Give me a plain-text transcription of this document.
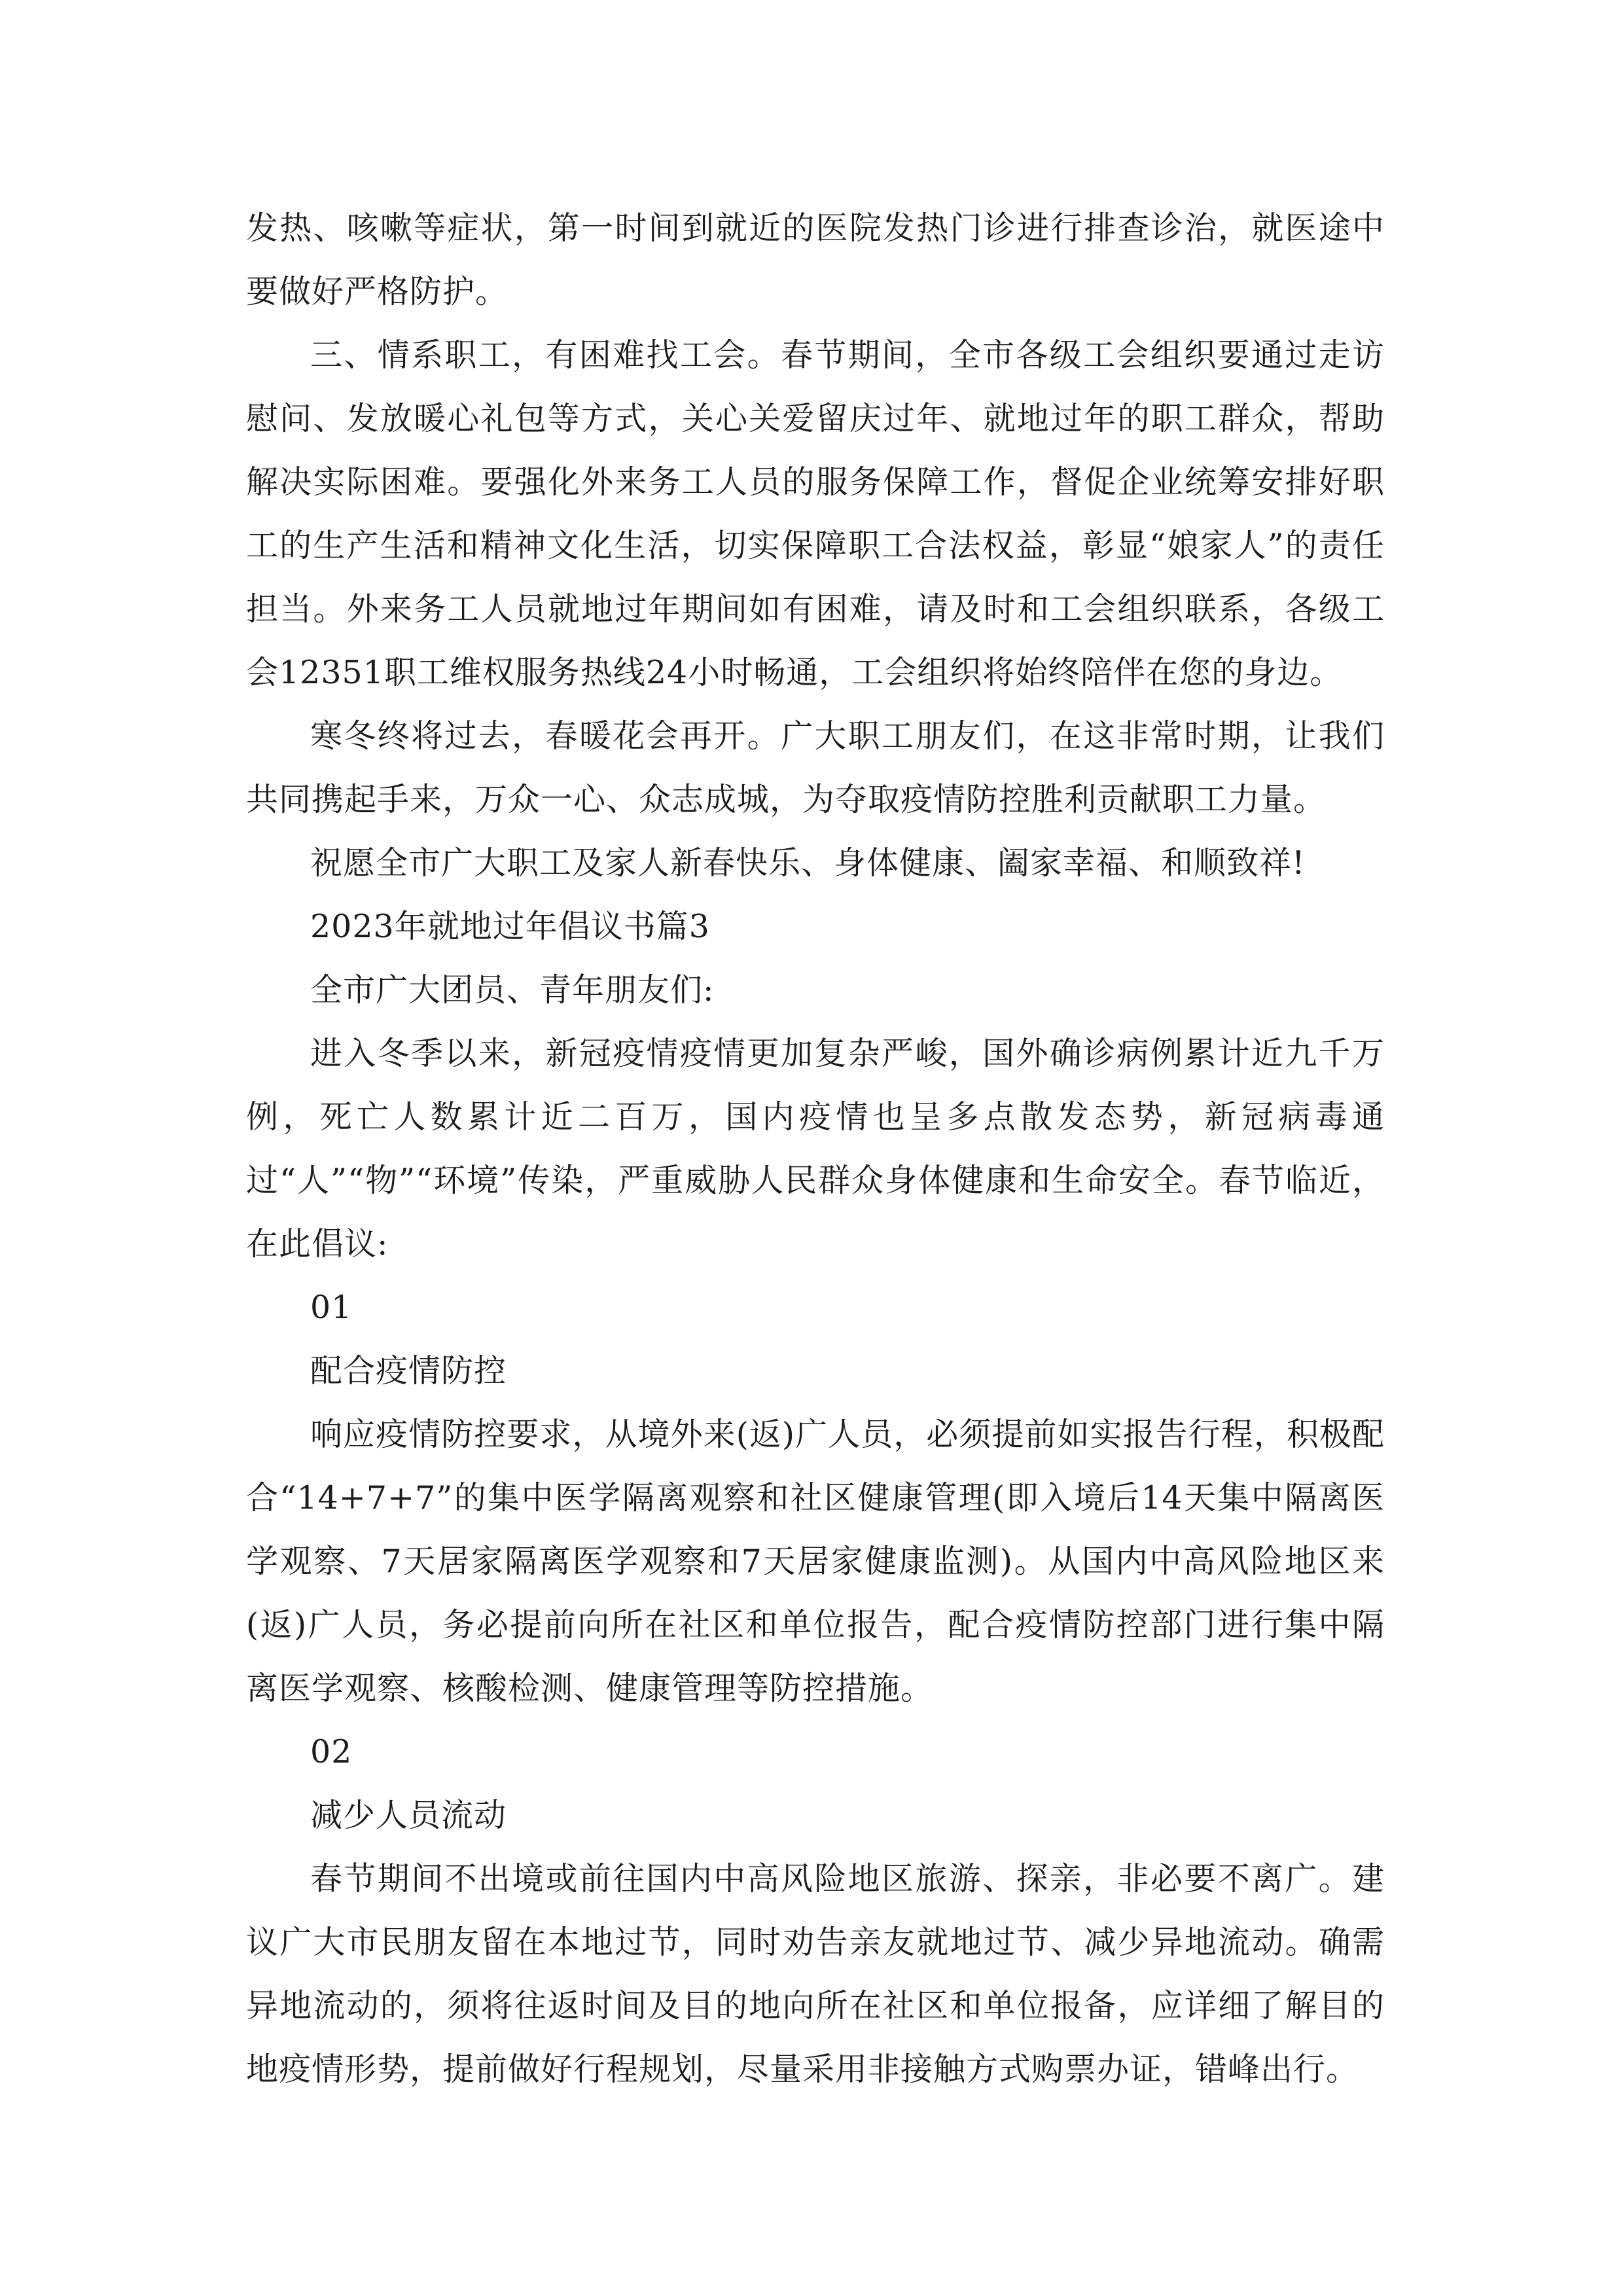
发热、咳嗽等症状，第一时间到就近的医院发热门诊进行排查诊治，就医途中要做好严格防护。

三、情系职工，有困难找工会。春节期间，全市各级工会组织要通过走访慰问、发放暖心礼包等方式，关心关爱留庆过年、就地过年的职工群众，帮助解决实际困难。要强化外来务工人员的服务保障工作，督促企业统筹安排好职工的生产生活和精神文化生活，切实保障职工合法权益，彰显“娘家人”的责任担当。外来务工人员就地过年期间如有困难，请及时和工会组织联系，各级工会12351职工维权服务热线24小时畅通，工会组织将始终陪伴在您的身边。

寒冬终将过去，春暖花会再开。广大职工朋友们，在这非常时期，让我们共同携起手来，万众一心、众志成城，为夺取疫情防控胜利贡献职工力量。

祝愿全市广大职工及家人新春快乐、身体健康、阖家幸福、和顺致祥!

2023年就地过年倡议书篇3

全市广大团员、青年朋友们:

进入冬季以来，新冠疫情疫情更加复杂严峻，国外确诊病例累计近九千万例，死亡人数累计近二百万，国内疫情也呈多点散发态势，新冠病毒通过“人”“物”“环境”传染，严重威胁人民群众身体健康和生命安全。春节临近，在此倡议:

01

配合疫情防控

响应疫情防控要求，从境外来(返)广人员，必须提前如实报告行程，积极配合“14+7+7”的集中医学隔离观察和社区健康管理(即入境后14天集中隔离医学观察、7天居家隔离医学观察和7天居家健康监测)。从国内中高风险地区来(返)广人员，务必提前向所在社区和单位报告，配合疫情防控部门进行集中隔离医学观察、核酸检测、健康管理等防控措施。

02

减少人员流动

春节期间不出境或前往国内中高风险地区旅游、探亲，非必要不离广。建议广大市民朋友留在本地过节，同时劝告亲友就地过节、减少异地流动。确需异地流动的，须将往返时间及目的地向所在社区和单位报备，应详细了解目的地疫情形势，提前做好行程规划，尽量采用非接触方式购票办证，错峰出行。
